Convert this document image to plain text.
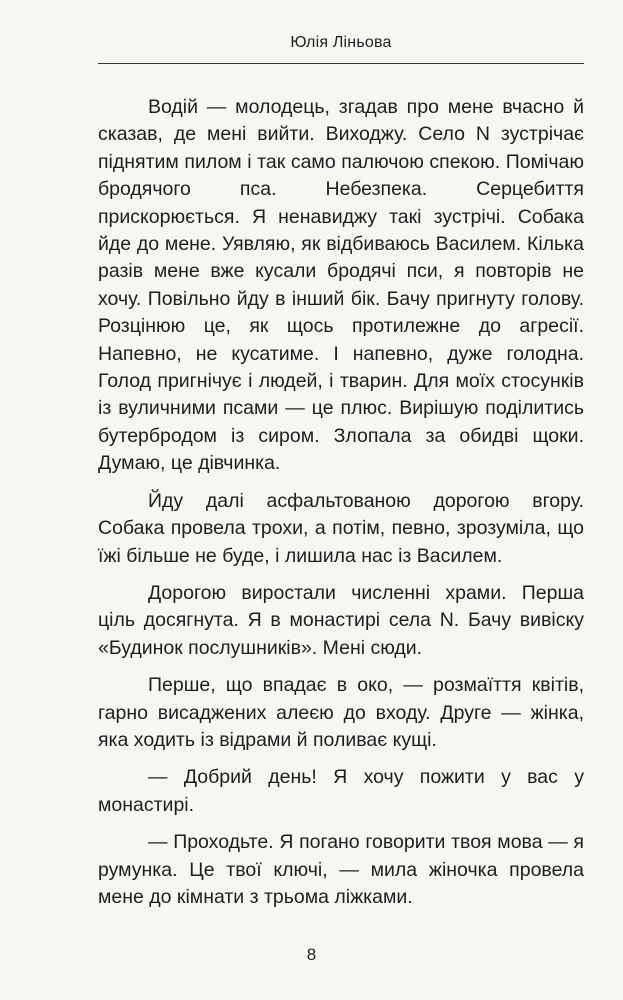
Юлія Ліньова

Водій — молодець, згадав про мене вчасно й сказав, де мені вийти. Виходжу. Село N зустрічає піднятим пилом і так само палючою спекою. Помічаю бродячого пса. Небезпека. Серцебиття прискорюється. Я ненавиджу такі зустрічі. Собака йде до мене. Уявляю, як відбиваюсь Василем. Кілька разів мене вже кусали бродячі пси, я повторів не хочу. Повільно йду в інший бік. Бачу пригнуту голову. Розцінюю це, як щось протилежне до агресії. Напевно, не кусатиме. І напевно, дуже голодна. Голод пригнічує і людей, і тварин. Для моїх стосунків із вуличними псами — це плюс. Вирішую поділитись бутербродом із сиром. Злопала за обидві щоки. Думаю, це дівчинка.

Йду далі асфальтованою дорогою вгору. Собака провела трохи, а потім, певно, зрозуміла, що їжі більше не буде, і лишила нас із Василем.

Дорогою виростали численні храми. Перша ціль досягнута. Я в монастирі села N. Бачу вивіску «Будинок послушників». Мені сюди.

Перше, що впадає в око, — розмаїття квітів, гарно висаджених алеєю до входу. Друге — жінка, яка ходить із відрами й поливає кущі.

— Добрий день! Я хочу пожити у вас у монастирі.

— Проходьте. Я погано говорити твоя мова — я румунка. Це твої ключі, — мила жіночка провела мене до кімнати з трьома ліжками.

8
